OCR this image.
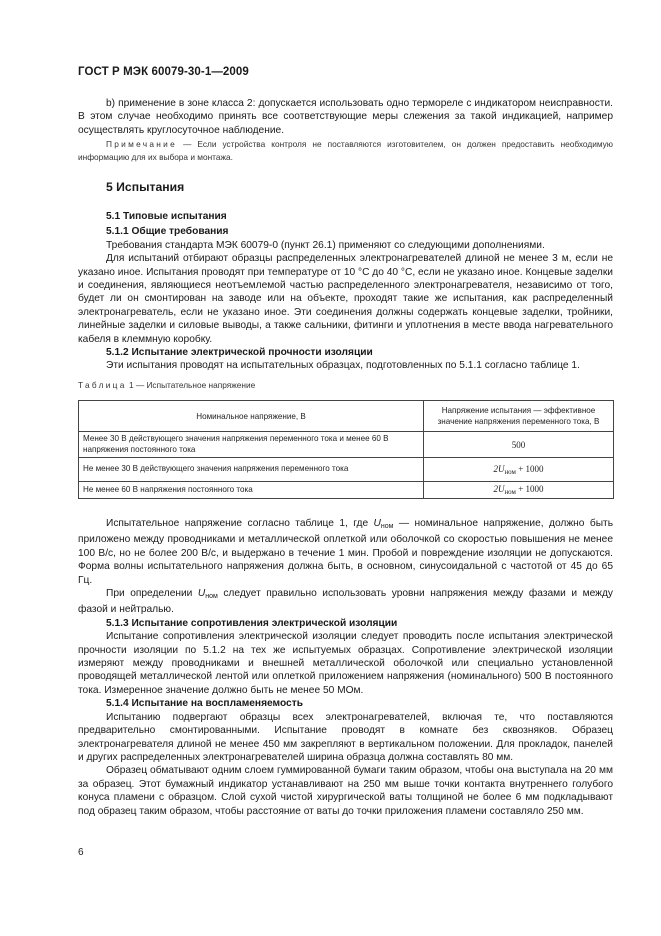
ГОСТ Р МЭК 60079-30-1—2009

b) применение в зоне класса 2: допускается использовать одно термореле с индикатором неисправности. В этом случае необходимо принять все соответствующие меры слежения за такой индикацией, например осуществлять круглосуточное наблюдение.

Примечание — Если устройства контроля не поставляются изготовителем, он должен предоставить необходимую информацию для их выбора и монтажа.
5 Испытания

5.1 Типовые испытания

5.1.1 Общие требования

Требования стандарта МЭК 60079-0 (пункт 26.1) применяют со следующими дополнениями.

Для испытаний отбирают образцы распределенных электронагревателей длиной не менее 3 м, если не указано иное. Испытания проводят при температуре от 10 °С до 40 °С, если не указано иное. Концевые заделки и соединения, являющиеся неотъемлемой частью распределенного электронагревателя, независимо от того, будет ли он смонтирован на заводе или на объекте, проходят такие же испытания, как распределенный электронагреватель, если не указано иное. Эти соединения должны содержать концевые заделки, тройники, линейные заделки и силовые выводы, а также сальники, фитинги и уплотнения в месте ввода нагревательного кабеля в клеммную коробку.

5.1.2 Испытание электрической прочности изоляции

Эти испытания проводят на испытательных образцах, подготовленных по 5.1.1 согласно таблице 1.

Таблица 1 — Испытательное напряжение
Номинальное напряжение, В	Напряжение испытания — эффективное значение напряжения переменного тока, В
Менее 30 В действующего значения напряжения переменного тока и менее 60 В напряжения постоянного тока	500
Не менее 30 В действующего значения напряжения переменного тока	$2U_{ном} + 1000$
Не менее 60 В напряжения постоянного тока	$2U_{ном} + 1000$

Испытательное напряжение согласно таблице 1, где $U_{ном}$ — номинальное напряжение, должно быть приложено между проводниками и металлической оплеткой или оболочкой со скоростью повышения не менее 100 В/с, но не более 200 В/с, и выдержано в течение 1 мин. Пробой и повреждение изоляции не допускаются. Форма волны испытательного напряжения должна быть, в основном, синусоидальной с частотой от 45 до 65 Гц.

При определении $U_{ном}$ следует правильно использовать уровни напряжения между фазами и между фазой и нейтралью.

5.1.3 Испытание сопротивления электрической изоляции

Испытание сопротивления электрической изоляции следует проводить после испытания электрической прочности изоляции по 5.1.2 на тех же испытуемых образцах. Сопротивление электрической изоляции измеряют между проводниками и внешней металлической оболочкой или специально установленной проводящей металлической лентой или оплеткой приложением напряжения (номинального) 500 В постоянного тока. Измеренное значение должно быть не менее 50 МОм.

5.1.4 Испытание на воспламеняемость

Испытанию подвергают образцы всех электронагревателей, включая те, что поставляются предварительно смонтированными. Испытание проводят в комнате без сквозняков. Образец электронагревателя длиной не менее 450 мм закрепляют в вертикальном положении. Для прокладок, панелей и других распределенных электронагревателей ширина образца должна составлять 80 мм.

Образец обматывают одним слоем гуммированной бумаги таким образом, чтобы она выступала на 20 мм за образец. Этот бумажный индикатор устанавливают на 250 мм выше точки контакта внутреннего голубого конуса пламени с образцом. Слой сухой чистой хирургической ваты толщиной не более 6 мм подкладывают под образец таким образом, чтобы расстояние от ваты до точки приложения пламени составляло 250 мм.

6
